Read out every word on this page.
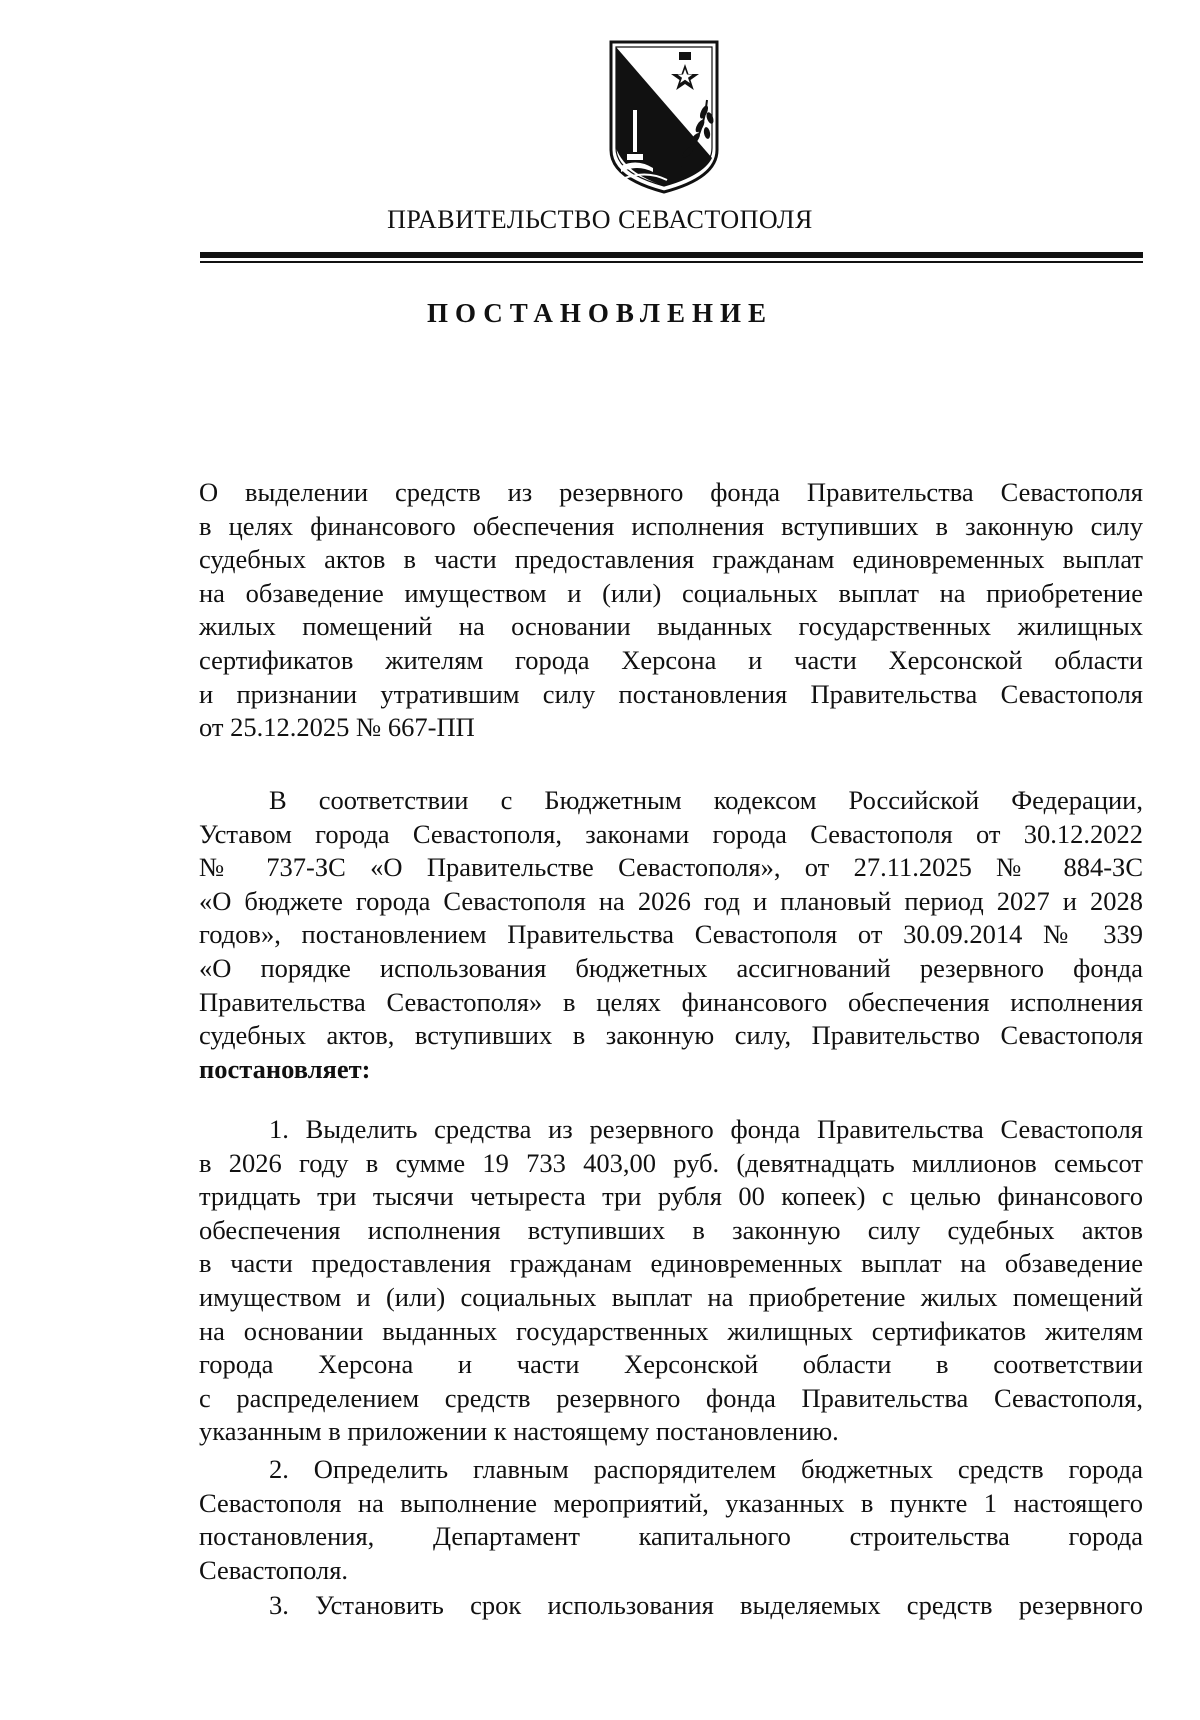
ПРАВИТЕЛЬСТВО СЕВАСТОПОЛЯ
ПОСТАНОВЛЕНИЕ
О выделении средств из резервного фонда Правительства Севастополя
в целях финансового обеспечения исполнения вступивших в законную силу
судебных актов в части предоставления гражданам единовременных выплат
на обзаведение имуществом и (или) социальных выплат на приобретение
жилых помещений на основании выданных государственных жилищных
сертификатов жителям города Херсона и части Херсонской области
и признании утратившим силу постановления Правительства Севастополя
от 25.12.2025 № 667-ПП
В соответствии с Бюджетным кодексом Российской Федерации,
Уставом города Севастополя, законами города Севастополя от 30.12.2022
№ 737-ЗС «О Правительстве Севастополя», от 27.11.2025 № 884-ЗС
«О бюджете города Севастополя на 2026 год и плановый период 2027 и 2028
годов», постановлением Правительства Севастополя от 30.09.2014 № 339
«О порядке использования бюджетных ассигнований резервного фонда
Правительства Севастополя» в целях финансового обеспечения исполнения
судебных актов, вступивших в законную силу, Правительство Севастополя
постановляет:
1. Выделить средства из резервного фонда Правительства Севастополя
в 2026 году в сумме 19 733 403,00 руб. (девятнадцать миллионов семьсот
тридцать три тысячи четыреста три рубля 00 копеек) с целью финансового
обеспечения исполнения вступивших в законную силу судебных актов
в части предоставления гражданам единовременных выплат на обзаведение
имуществом и (или) социальных выплат на приобретение жилых помещений
на основании выданных государственных жилищных сертификатов жителям
города Херсона и части Херсонской области в соответствии
с распределением средств резервного фонда Правительства Севастополя,
указанным в приложении к настоящему постановлению.
2. Определить главным распорядителем бюджетных средств города
Севастополя на выполнение мероприятий, указанных в пункте 1 настоящего
постановления, Департамент капитального строительства города
Севастополя.
3. Установить срок использования выделяемых средств резервного
